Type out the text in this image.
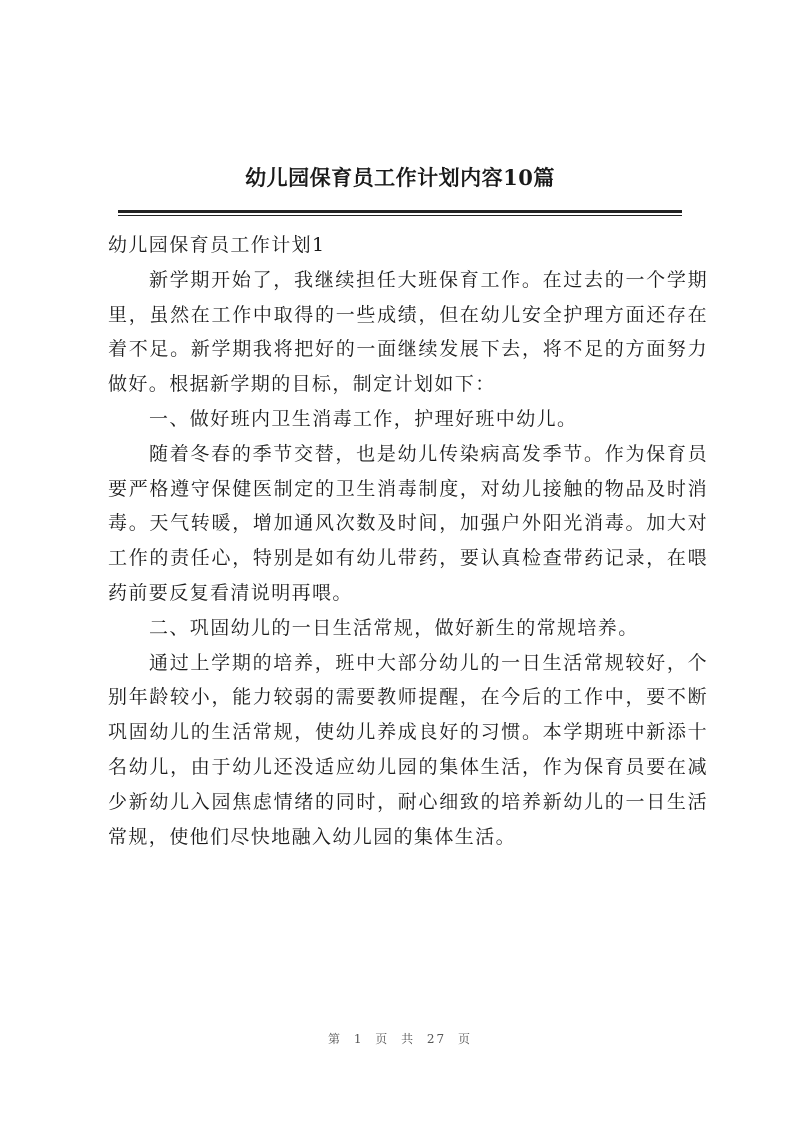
幼儿园保育员工作计划内容10篇

幼儿园保育员工作计划1

新学期开始了，我继续担任大班保育工作。在过去的一个学期里，虽然在工作中取得的一些成绩，但在幼儿安全护理方面还存在着不足。新学期我将把好的一面继续发展下去，将不足的方面努力做好。根据新学期的目标，制定计划如下：

一、做好班内卫生消毒工作，护理好班中幼儿。

随着冬春的季节交替，也是幼儿传染病高发季节。作为保育员要严格遵守保健医制定的卫生消毒制度，对幼儿接触的物品及时消毒。天气转暖，增加通风次数及时间，加强户外阳光消毒。加大对工作的责任心，特别是如有幼儿带药，要认真检查带药记录，在喂药前要反复看清说明再喂。

二、巩固幼儿的一日生活常规，做好新生的常规培养。

通过上学期的培养，班中大部分幼儿的一日生活常规较好，个别年龄较小，能力较弱的需要教师提醒，在今后的工作中，要不断巩固幼儿的生活常规，使幼儿养成良好的习惯。本学期班中新添十名幼儿，由于幼儿还没适应幼儿园的集体生活，作为保育员要在减少新幼儿入园焦虑情绪的同时，耐心细致的培养新幼儿的一日生活常规，使他们尽快地融入幼儿园的集体生活。

第 1 页 共 27 页
